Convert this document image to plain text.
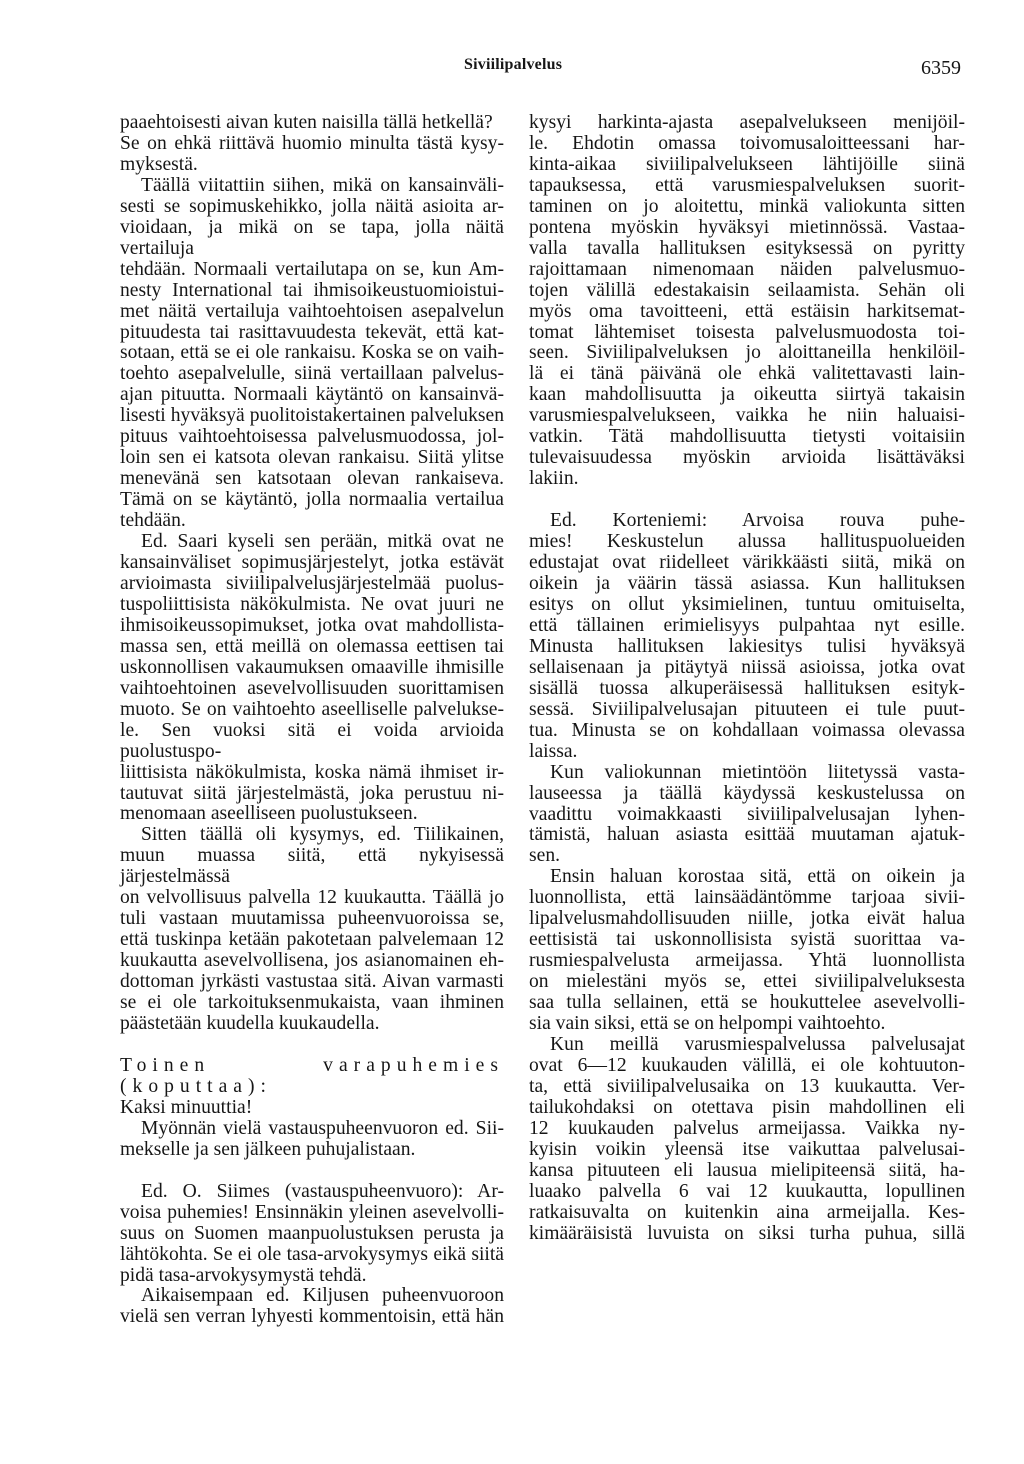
Siviilipalvelus	6359
paaehtoisesti aivan kuten naisilla tällä hetkellä?
Se on ehkä riittävä huomio minulta tästä kysy-
myksestä.
Täällä viitattiin siihen, mikä on kansainväli-
sesti se sopimuskehikko, jolla näitä asioita ar-
vioidaan, ja mikä on se tapa, jolla näitä vertailuja
tehdään. Normaali vertailutapa on se, kun Am-
nesty International tai ihmisoikeustuomioistui-
met näitä vertailuja vaihtoehtoisen asepalvelun
pituudesta tai rasittavuudesta tekevät, että kat-
sotaan, että se ei ole rankaisu. Koska se on vaih-
toehto asepalvelulle, siinä vertaillaan palvelus-
ajan pituutta. Normaali käytäntö on kansainvä-
lisesti hyväksyä puolitoistakertainen palveluksen
pituus vaihtoehtoisessa palvelusmuodossa, jol-
loin sen ei katsota olevan rankaisu. Siitä ylitse
menevänä sen katsotaan olevan rankaiseva.
Tämä on se käytäntö, jolla normaalia vertailua
tehdään.
Ed. Saari kyseli sen perään, mitkä ovat ne
kansainväliset sopimusjärjestelyt, jotka estävät
arvioimasta siviilipalvelusjärjestelmää puolus-
tuspoliittisista näkökulmista. Ne ovat juuri ne
ihmisoikeussopimukset, jotka ovat mahdollista-
massa sen, että meillä on olemassa eettisen tai
uskonnollisen vakaumuksen omaaville ihmisille
vaihtoehtoinen asevelvollisuuden suorittamisen
muoto. Se on vaihtoehto aseelliselle palvelukse-
le. Sen vuoksi sitä ei voida arvioida puolustuspo-
liittisista näkökulmista, koska nämä ihmiset ir-
tautuvat siitä järjestelmästä, joka perustuu ni-
menomaan aseelliseen puolustukseen.
Sitten täällä oli kysymys, ed. Tiilikainen,
muun muassa siitä, että nykyisessä järjestelmässä
on velvollisuus palvella 12 kuukautta. Täällä jo
tuli vastaan muutamissa puheenvuoroissa se,
että tuskinpa ketään pakotetaan palvelemaan 12
kuukautta asevelvollisena, jos asianomainen eh-
dottoman jyrkästi vastustaa sitä. Aivan varmasti
se ei ole tarkoituksenmukaista, vaan ihminen
päästetään kuudella kuukaudella.
Toinen varapuhemies (koputtaa):
Kaksi minuuttia!
Myönnän vielä vastauspuheenvuoron ed. Sii-
mekselle ja sen jälkeen puhujalistaan.
Ed. O. Siimes (vastauspuheenvuoro): Ar-
voisa puhemies! Ensinnäkin yleinen asevelvolli-
suus on Suomen maanpuolustuksen perusta ja
lähtökohta. Se ei ole tasa-arvokysymys eikä siitä
pidä tasa-arvokysymystä tehdä.
Aikaisempaan ed. Kiljusen puheenvuoroon
vielä sen verran lyhyesti kommentoisin, että hän
kysyi harkinta-ajasta asepalvelukseen menijöil-
le. Ehdotin omassa toivomusaloitteessani har-
kinta-aikaa siviilipalvelukseen lähtijöille siinä
tapauksessa, että varusmiespalveluksen suorit-
taminen on jo aloitettu, minkä valiokunta sitten
pontena myöskin hyväksyi mietinnössä. Vastaa-
valla tavalla hallituksen esityksessä on pyritty
rajoittamaan nimenomaan näiden palvelusmuo-
tojen välillä edestakaisin seilaamista. Sehän oli
myös oma tavoitteeni, että estäisin harkitsemat-
tomat lähtemiset toisesta palvelusmuodosta toi-
seen. Siviilipalveluksen jo aloittaneilla henkilöil-
lä ei tänä päivänä ole ehkä valitettavasti lain-
kaan mahdollisuutta ja oikeutta siirtyä takaisin
varusmiespalvelukseen, vaikka he niin haluaisi-
vatkin. Tätä mahdollisuutta tietysti voitaisiin
tulevaisuudessa myöskin arvioida lisättäväksi
lakiin.
Ed. Korteniemi: Arvoisa rouva puhe-
mies! Keskustelun alussa hallituspuolueiden
edustajat ovat riidelleet värikkäästi siitä, mikä on
oikein ja väärin tässä asiassa. Kun hallituksen
esitys on ollut yksimielinen, tuntuu omituiselta,
että tällainen erimielisyys pulpahtaa nyt esille.
Minusta hallituksen lakiesitys tulisi hyväksyä
sellaisenaan ja pitäytyä niissä asioissa, jotka ovat
sisällä tuossa alkuperäisessä hallituksen esityk-
sessä. Siviilipalvelusajan pituuteen ei tule puut-
tua. Minusta se on kohdallaan voimassa olevassa
laissa.
Kun valiokunnan mietintöön liitetyssä vasta-
lauseessa ja täällä käydyssä keskustelussa on
vaadittu voimakkaasti siviilipalvelusajan lyhen-
tämistä, haluan asiasta esittää muutaman ajatuk-
sen.
Ensin haluan korostaa sitä, että on oikein ja
luonnollista, että lainsäädäntömme tarjoaa sivii-
lipalvelusmahdollisuuden niille, jotka eivät halua
eettisistä tai uskonnollisista syistä suorittaa va-
rusmiespalvelusta armeijassa. Yhtä luonnollista
on mielestäni myös se, ettei siviilipalveluksesta
saa tulla sellainen, että se houkuttelee asevelvolli-
sia vain siksi, että se on helpompi vaihtoehto.
Kun meillä varusmiespalvelussa palvelusajat
ovat 6—12 kuukauden välillä, ei ole kohtuuton-
ta, että siviilipalvelusaika on 13 kuukautta. Ver-
tailukohdaksi on otettava pisin mahdollinen eli
12 kuukauden palvelus armeijassa. Vaikka ny-
kyisin voikin yleensä itse vaikuttaa palvelusai-
kansa pituuteen eli lausua mielipiteensä siitä, ha-
luaako palvella 6 vai 12 kuukautta, lopullinen
ratkaisuvalta on kuitenkin aina armeijalla. Kes-
kimääräisistä luvuista on siksi turha puhua, sillä
